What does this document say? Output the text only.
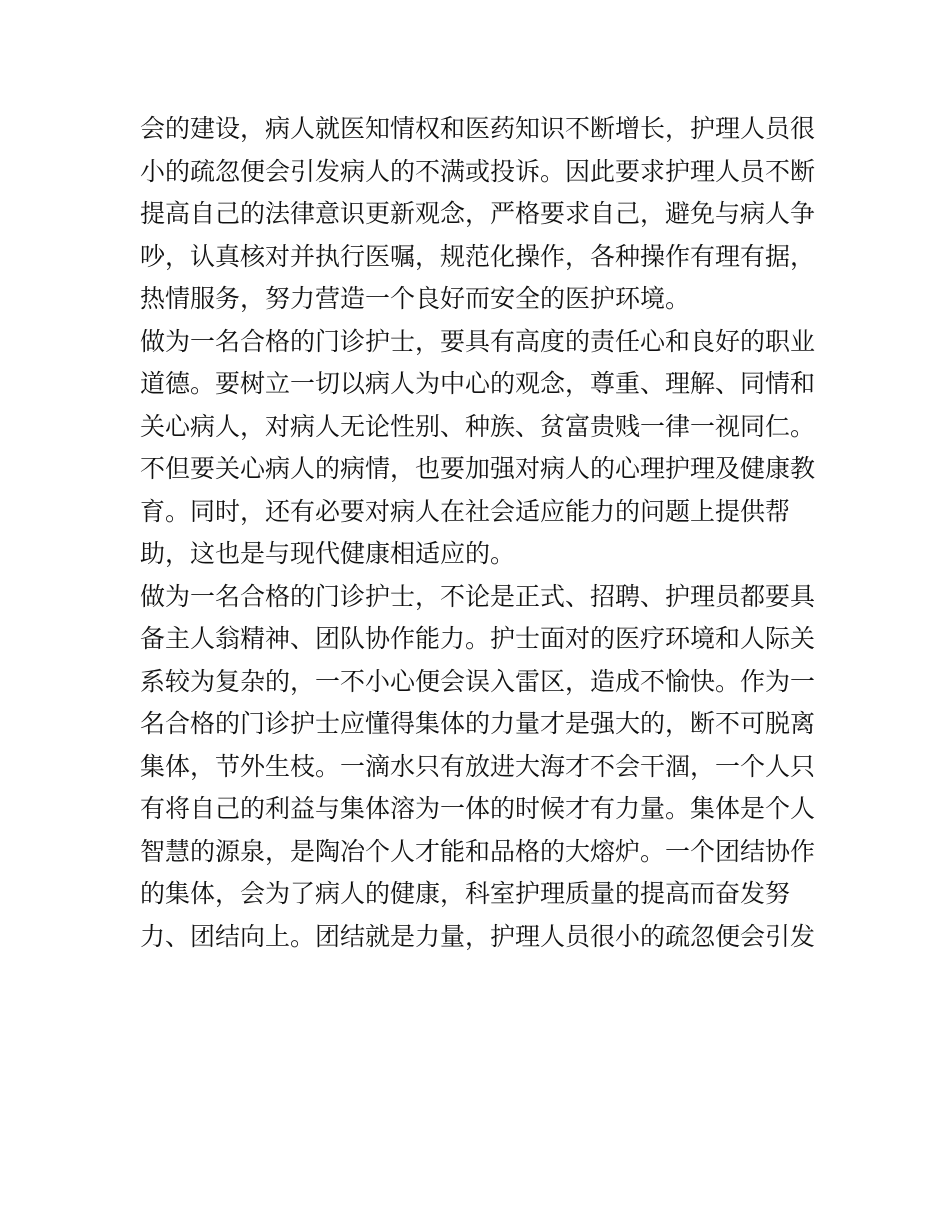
会的建设，病人就医知情权和医药知识不断增长，护理人员很
小的疏忽便会引发病人的不满或投诉。因此要求护理人员不断
提高自己的法律意识更新观念，严格要求自己，避免与病人争
吵，认真核对并执行医嘱，规范化操作，各种操作有理有据，
热情服务，努力营造一个良好而安全的医护环境。
做为一名合格的门诊护士，要具有高度的责任心和良好的职业
道德。要树立一切以病人为中心的观念，尊重、理解、同情和
关心病人，对病人无论性别、种族、贫富贵贱一律一视同仁。
不但要关心病人的病情，也要加强对病人的心理护理及健康教
育。同时，还有必要对病人在社会适应能力的问题上提供帮
助，这也是与现代健康相适应的。
做为一名合格的门诊护士，不论是正式、招聘、护理员都要具
备主人翁精神、团队协作能力。护士面对的医疗环境和人际关
系较为复杂的，一不小心便会误入雷区，造成不愉快。作为一
名合格的门诊护士应懂得集体的力量才是强大的，断不可脱离
集体，节外生枝。一滴水只有放进大海才不会干涸，一个人只
有将自己的利益与集体溶为一体的时候才有力量。集体是个人
智慧的源泉，是陶冶个人才能和品格的大熔炉。一个团结协作
的集体，会为了病人的健康，科室护理质量的提高而奋发努
力、团结向上。团结就是力量，护理人员很小的疏忽便会引发
